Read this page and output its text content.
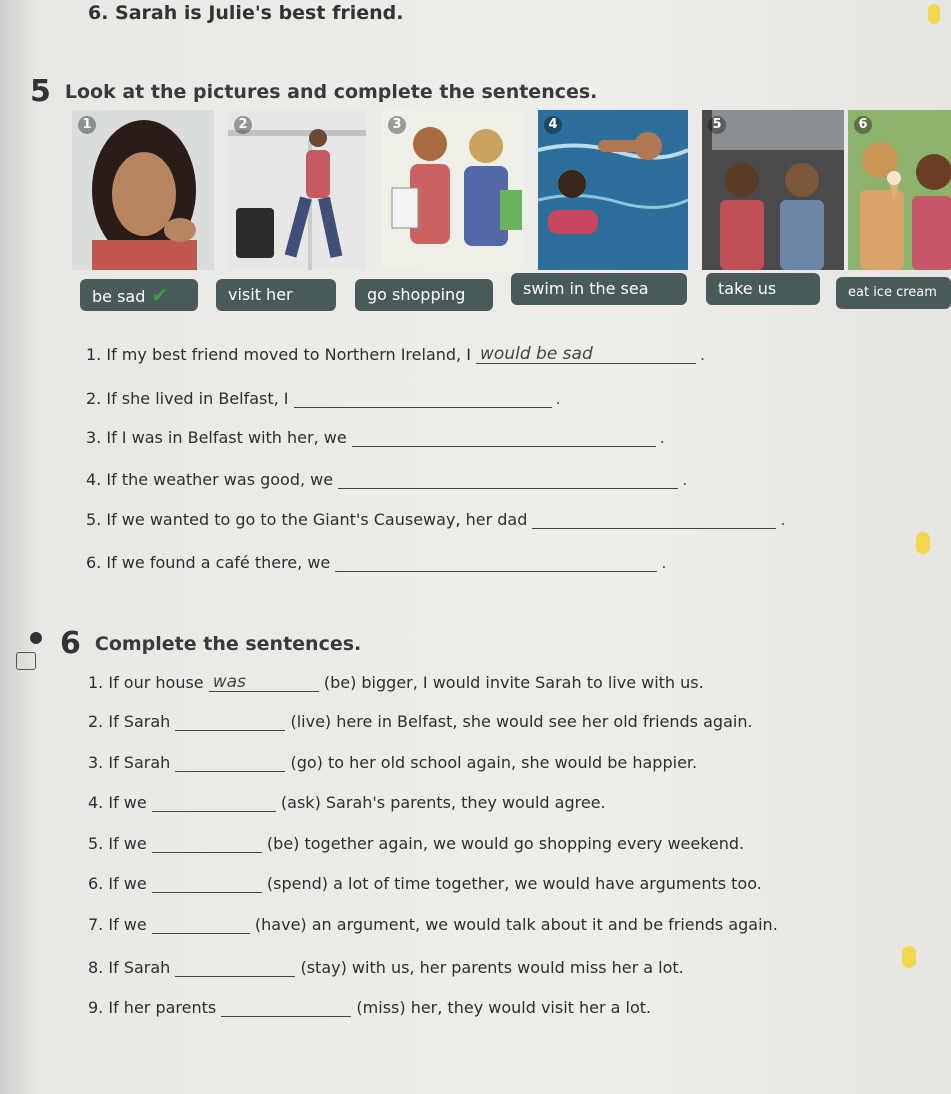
6. Sarah is Julie's best friend.
5 Look at the pictures and complete the sentences.
1	2	3	4	5	6
be sad ✔	visit her	go shopping	swim in the sea	take us	eat ice cream
1. If my best friend moved to Northern Ireland, I would be sad	.
2. If she lived in Belfast, I	.
3. If I was in Belfast with her, we	.
4. If the weather was good, we	.
5. If we wanted to go to the Giant's Causeway, her dad	.
6. If we found a café there, we	.
6 Complete the sentences.
1. If our house was	(be) bigger, I would invite Sarah to live with us.
2. If Sarah	(live) here in Belfast, she would see her old friends again.
3. If Sarah	(go) to her old school again, she would be happier.
4. If we	(ask) Sarah's parents, they would agree.
5. If we	(be) together again, we would go shopping every weekend.
6. If we	(spend) a lot of time together, we would have arguments too.
7. If we	(have) an argument, we would talk about it and be friends again.
8. If Sarah	(stay) with us, her parents would miss her a lot.
9. If her parents	(miss) her, they would visit her a lot.
